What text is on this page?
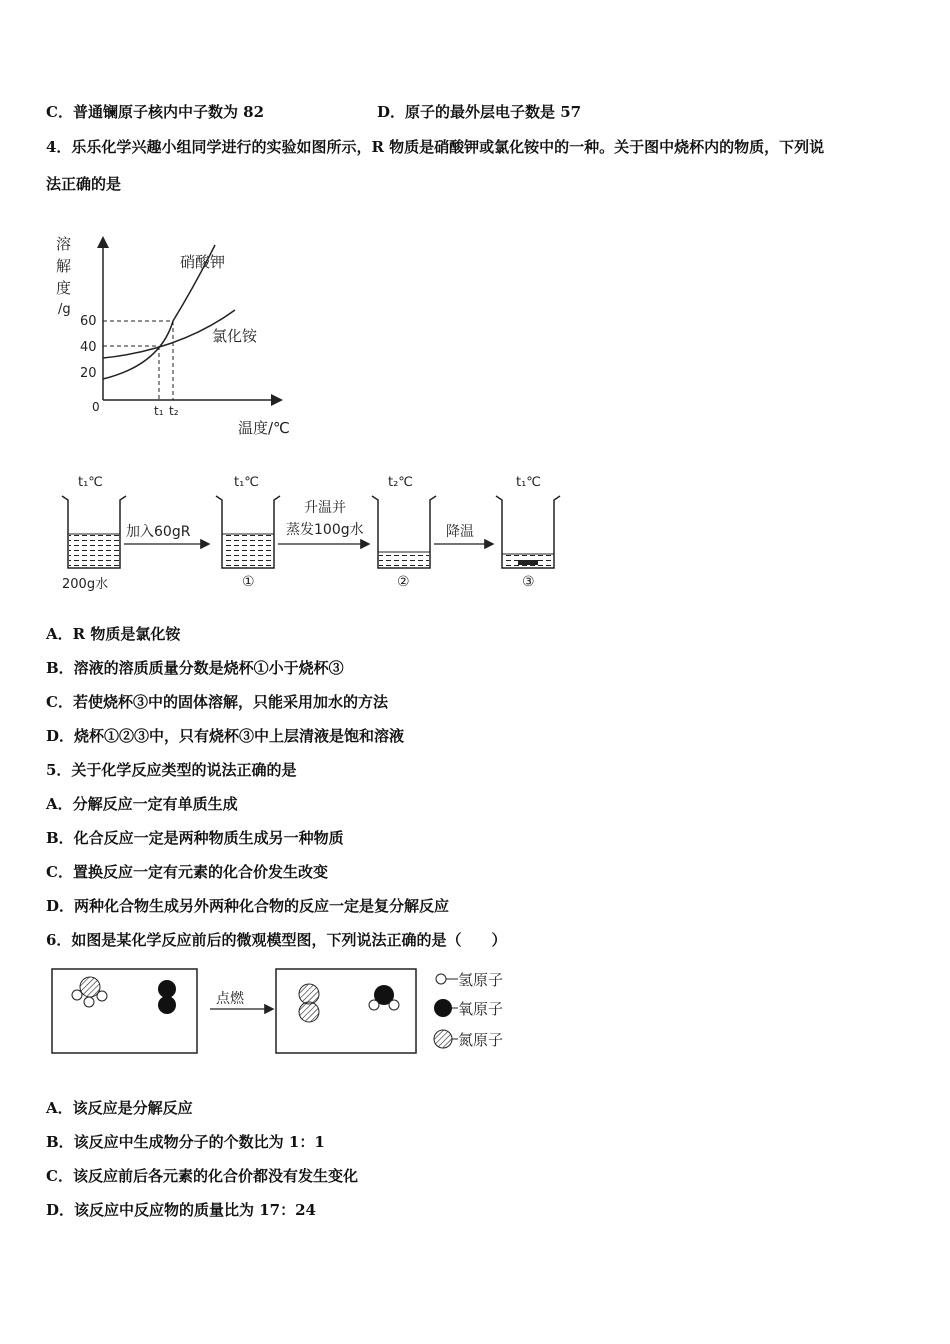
C．普通镧原子核内中子数为 82	D．原子的最外层电子数是 57
4．乐乐化学兴趣小组同学进行的实验如图所示，R 物质是硝酸钾或氯化铵中的一种。关于图中烧杯内的物质，下列说
法正确的是
溶
解
度
/g
60
40
20
0
硝酸钾
氯化铵
t₁ t₂
温度/℃
t₁℃	t₁℃	t₂℃	t₁℃
加入60gR
升温并
蒸发100g水	降温
200g水	①	②	③
A．R 物质是氯化铵
B．溶液的溶质质量分数是烧杯①小于烧杯③
C．若使烧杯③中的固体溶解，只能采用加水的方法
D．烧杯①②③中，只有烧杯③中上层清液是饱和溶液
5．关于化学反应类型的说法正确的是
A．分解反应一定有单质生成
B．化合反应一定是两种物质生成另一种物质
C．置换反应一定有元素的化合价发生改变
D．两种化合物生成另外两种化合物的反应一定是复分解反应
6．如图是某化学反应前后的微观模型图，下列说法正确的是（　　）
点燃
氢原子
氧原子
氮原子
A．该反应是分解反应
B．该反应中生成物分子的个数比为 1：1
C．该反应前后各元素的化合价都没有发生变化
D．该反应中反应物的质量比为 17：24
